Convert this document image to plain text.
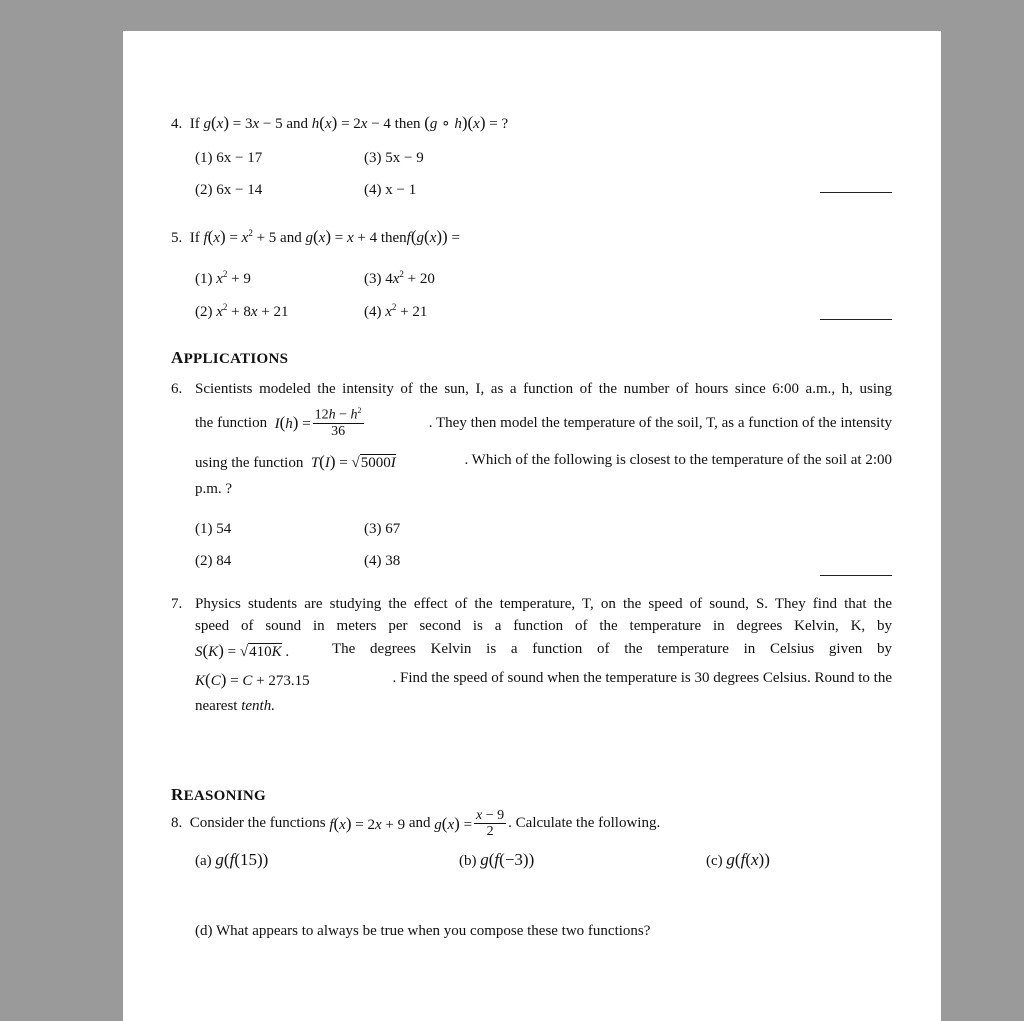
4. If g(x) = 3x − 5 and h(x) = 2x − 4 then (g ∘ h)(x) = ?
(1) 6x − 17	(3) 5x − 9
(2) 6x − 14	(4) x − 1
5. If $f(x) = x^2 + 5$ and g(x) = x + 4 thenf(g(x)) =
(1) $x^2 + 9$	(3) $4x^2 + 20$
(2) $x^2 + 8x + 21$	(4) $x^2 + 21$
APPLICATIONS
6. Scientists modeled the intensity of the sun, I, as a function of the number of hours since 6:00 a.m., h, using
the function
$I(h) = \frac{12h - h^2}{36}$	. They then model the temperature of the soil, T, as a function of the intensity
using the function T(I) = √5000I	. Which of the following is closest to the temperature of the soil at 2:00
p.m. ?
(1) 54	(3) 67
(2) 84	(4) 38
7. Physics students are studying the effect of the temperature, T, on the speed of sound, S. They find that the
speed of sound in meters per second is a function of the temperature in degrees Kelvin, K, by
S(K) = √410K .	The degrees Kelvin is a function of the temperature in Celsius given by
K(C) = C + 273.15	. Find the speed of sound when the temperature is 30 degrees Celsius. Round to the
nearest tenth.
REASONING
8.
Consider the functions
f(x) = 2x + 9
and
$g(x) = \frac{x - 9}{2}$ . Calculate the following.
(a) g(f(15))	(b) g(f(−3))	(c) g(f(x))
(d) What appears to always be true when you compose these two functions?
